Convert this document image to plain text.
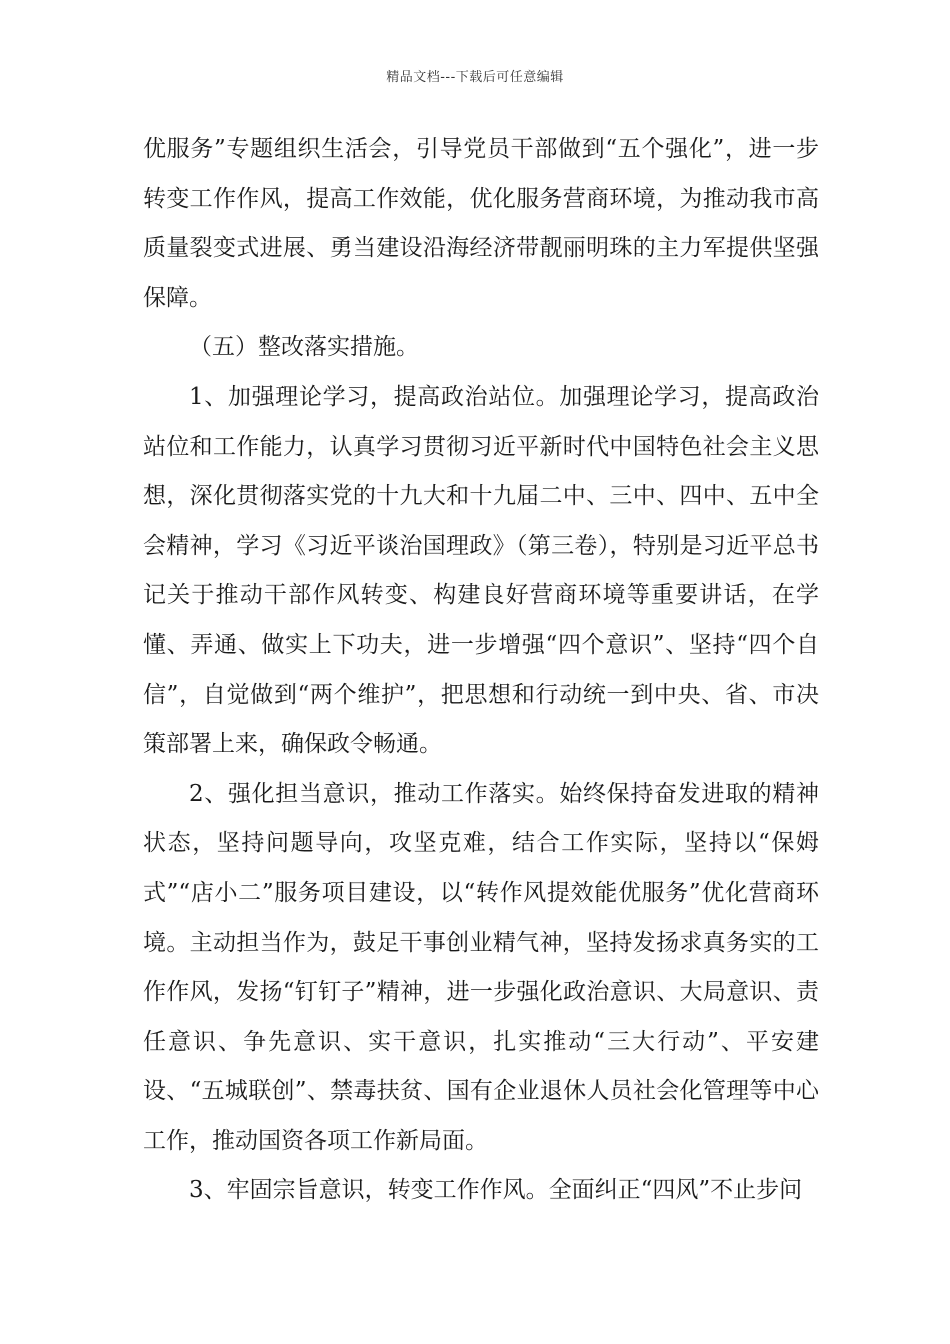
精品文档---下载后可任意编辑

优服务”专题组织生活会，引导党员干部做到“五个强化”，进一步转变工作作风，提高工作效能，优化服务营商环境，为推动我市高质量裂变式进展、勇当建设沿海经济带靓丽明珠的主力军提供坚强保障。

（五）整改落实措施。

1、加强理论学习，提高政治站位。加强理论学习，提高政治站位和工作能力，认真学习贯彻习近平新时代中国特色社会主义思想，深化贯彻落实党的十九大和十九届二中、三中、四中、五中全会精神，学习《习近平谈治国理政》（第三卷），特别是习近平总书记关于推动干部作风转变、构建良好营商环境等重要讲话，在学懂、弄通、做实上下功夫，进一步增强“四个意识”、坚持“四个自信”，自觉做到“两个维护”，把思想和行动统一到中央、省、市决策部署上来，确保政令畅通。

2、强化担当意识，推动工作落实。始终保持奋发进取的精神状态，坚持问题导向，攻坚克难，结合工作实际，坚持以“保姆式”“店小二”服务项目建设，以“转作风提效能优服务”优化营商环境。主动担当作为，鼓足干事创业精气神，坚持发扬求真务实的工作作风，发扬“钉钉子”精神，进一步强化政治意识、大局意识、责任意识、争先意识、实干意识，扎实推动“三大行动”、平安建设、“五城联创”、禁毒扶贫、国有企业退休人员社会化管理等中心工作，推动国资各项工作新局面。

3、牢固宗旨意识，转变工作作风。全面纠正“四风”不止步问
